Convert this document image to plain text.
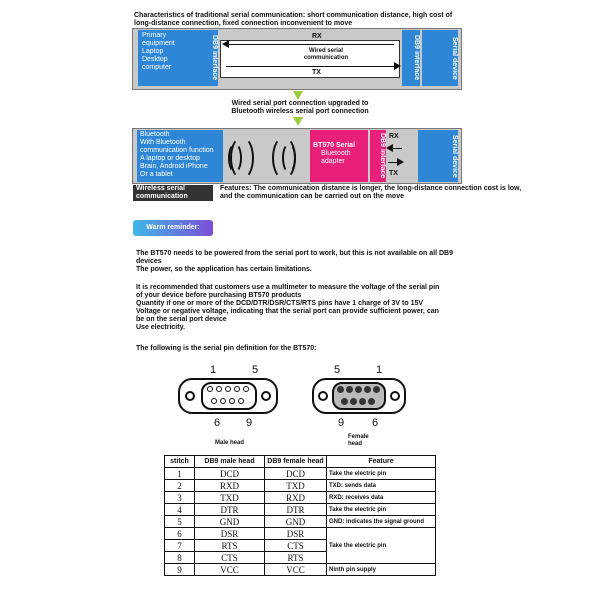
Characteristics of traditional serial communication: short communication distance, high cost of long-distance connection, fixed connection inconvenient to move
Primary
equipment
Laptop
Desktop
computer	DB9 interface	RX
Wired serial communication
TX	DB9 interface	Serial device
Wired serial port connection upgraded to Bluetooth wireless serial port connection
Bluetooth
With Bluetooth
communication function
A laptop or desktop
Brain, Android iPhone
Or a tablet
BT570 Serial
Bluetooth adapter	DB9 interface RX
TX	Serial device
Wireless serial communication
Features: The communication distance is longer, the long-distance connection cost is low, and the communication can be carried out on the move
Warm reminder:
The BT570 needs to be powered from the serial port to work, but this is not available on all DB9 devices
The power, so the application has certain limitations.
It is recommended that customers use a multimeter to measure the voltage of the serial pin
of your device before purchasing BT570 products
Quantity if one or more of the DCD/DTR/DSR/CTS/RTS pins have 1 charge of 3V to 15V
Voltage or negative voltage, indicating that the serial port can provide sufficient power, can
be on the serial port device
Use electricity.
The following is the serial pin definition for the BT570:
1	5
6 9
Male head
5	1
9	6
Female head
stitch	DB9 male head	DB9 female head	Feature
1	DCD	DCD	Take the electric pin
2	RXD	TXD	TXD: sends data
3	TXD	RXD	RXD: receives data
4	DTR	DTR	Take the electric pin
5	GND	GND	GND: indicates the signal ground
6	DSR	DSR	Take the electric pin
7	RTS	CTS	
8	CTS	RTS	
9	VCC	VCC	Ninth pin supply
